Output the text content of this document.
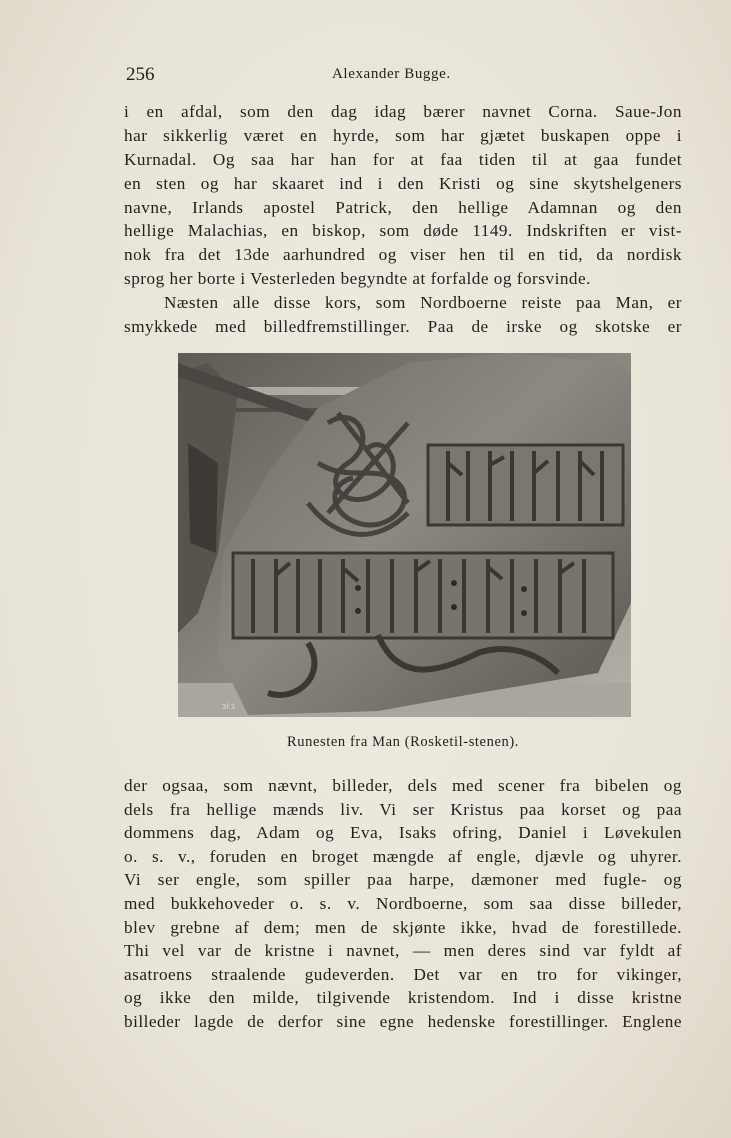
256	Alexander Bugge.
i en afdal, som den dag idag bærer navnet Corna. Saue-Jon
har sikkerlig været en hyrde, som har gjætet buskapen oppe i
Kurnadal. Og saa har han for at faa tiden til at gaa fundet
en sten og har skaaret ind i den Kristi og sine skytshelgeners
navne, Irlands apostel Patrick, den hellige Adamnan og den
hellige Malachias, en biskop, som døde 1149. Indskriften er vist-
nok fra det 13de aarhundred og viser hen til en tid, da nordisk
sprog her borte i Vesterleden begyndte at forfalde og forsvinde.
Næsten alle disse kors, som Nordboerne reiste paa Man, er
smykkede med billedfremstillinger. Paa de irske og skotske er
3f.3
Runesten fra Man (Rosketil-stenen).
der ogsaa, som nævnt, billeder, dels med scener fra bibelen og
dels fra hellige mænds liv. Vi ser Kristus paa korset og paa
dommens dag, Adam og Eva, Isaks ofring, Daniel i Løvekulen
o. s. v., foruden en broget mængde af engle, djævle og uhyrer.
Vi ser engle, som spiller paa harpe, dæmoner med fugle- og
med bukkehoveder o. s. v. Nordboerne, som saa disse billeder,
blev grebne af dem; men de skjønte ikke, hvad de forestillede.
Thi vel var de kristne i navnet, — men deres sind var fyldt af
asatroens straalende gudeverden. Det var en tro for vikinger,
og ikke den milde, tilgivende kristendom. Ind i disse kristne
billeder lagde de derfor sine egne hedenske forestillinger. Englene
